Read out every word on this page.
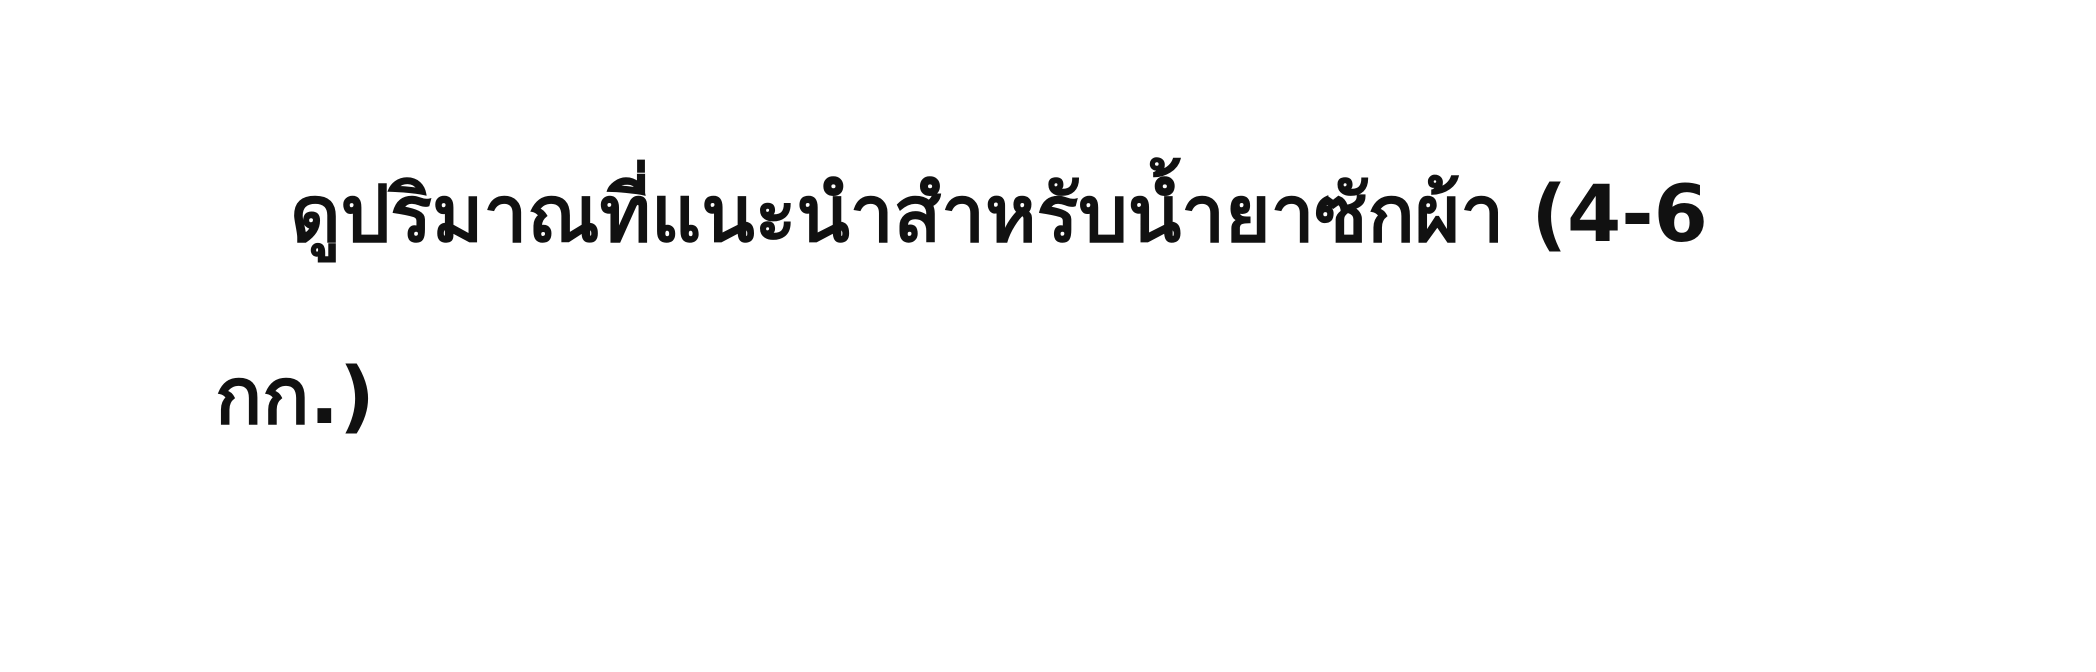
ดูปริมาณที่แนะนำสำหรับน้ำยาซักผ้า (4-6
กก.)
